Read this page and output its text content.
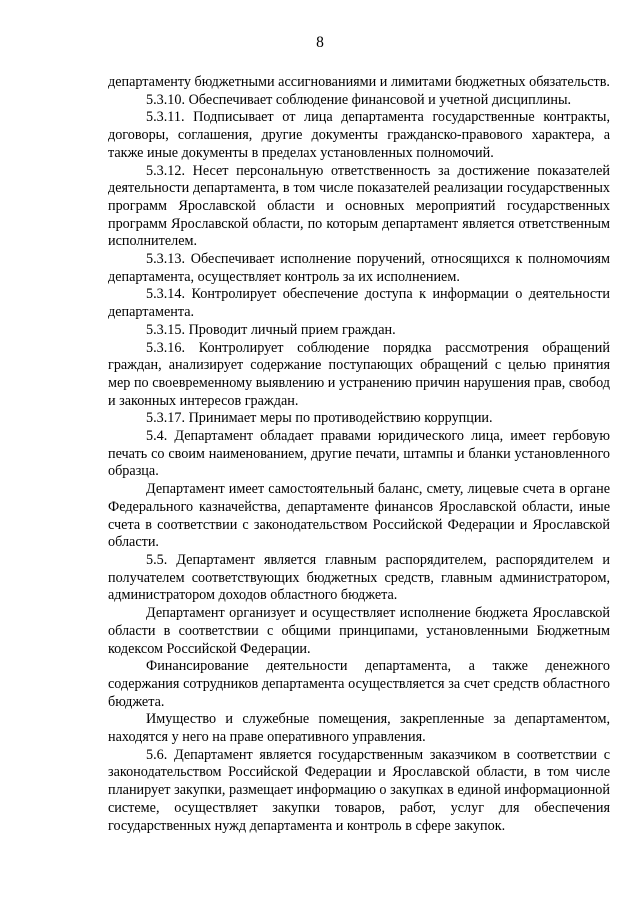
8

департаменту бюджетными ассигнованиями и лимитами бюджетных обязательств.

5.3.10. Обеспечивает соблюдение финансовой и учетной дисциплины.

5.3.11. Подписывает от лица департамента государственные контракты, договоры, соглашения, другие документы гражданско-правового характера, а также иные документы в пределах установленных полномочий.

5.3.12. Несет персональную ответственность за достижение показателей деятельности департамента, в том числе показателей реализации государственных программ Ярославской области и основных мероприятий государственных программ Ярославской области, по которым департамент является ответственным исполнителем.

5.3.13. Обеспечивает исполнение поручений, относящихся к полномочиям департамента, осуществляет контроль за их исполнением.

5.3.14. Контролирует обеспечение доступа к информации о деятельности департамента.

5.3.15. Проводит личный прием граждан.

5.3.16. Контролирует соблюдение порядка рассмотрения обращений граждан, анализирует содержание поступающих обращений с целью принятия мер по своевременному выявлению и устранению причин нарушения прав, свобод и законных интересов граждан.

5.3.17. Принимает меры по противодействию коррупции.

5.4. Департамент обладает правами юридического лица, имеет гербовую печать со своим наименованием, другие печати, штампы и бланки установленного образца.

Департамент имеет самостоятельный баланс, смету, лицевые счета в органе Федерального казначейства, департаменте финансов Ярославской области, иные счета в соответствии с законодательством Российской Федерации и Ярославской области.

5.5. Департамент является главным распорядителем, распорядителем и получателем соответствующих бюджетных средств, главным администратором, администратором доходов областного бюджета.

Департамент организует и осуществляет исполнение бюджета Ярославской области в соответствии с общими принципами, установленными Бюджетным кодексом Российской Федерации.

Финансирование деятельности департамента, а также денежного содержания сотрудников департамента осуществляется за счет средств областного бюджета.

Имущество и служебные помещения, закрепленные за департаментом, находятся у него на праве оперативного управления.

5.6. Департамент является государственным заказчиком в соответствии с законодательством Российской Федерации и Ярославской области, в том числе планирует закупки, размещает информацию о закупках в единой информационной системе, осуществляет закупки товаров, работ, услуг для обеспечения государственных нужд департамента и контроль в сфере закупок.
